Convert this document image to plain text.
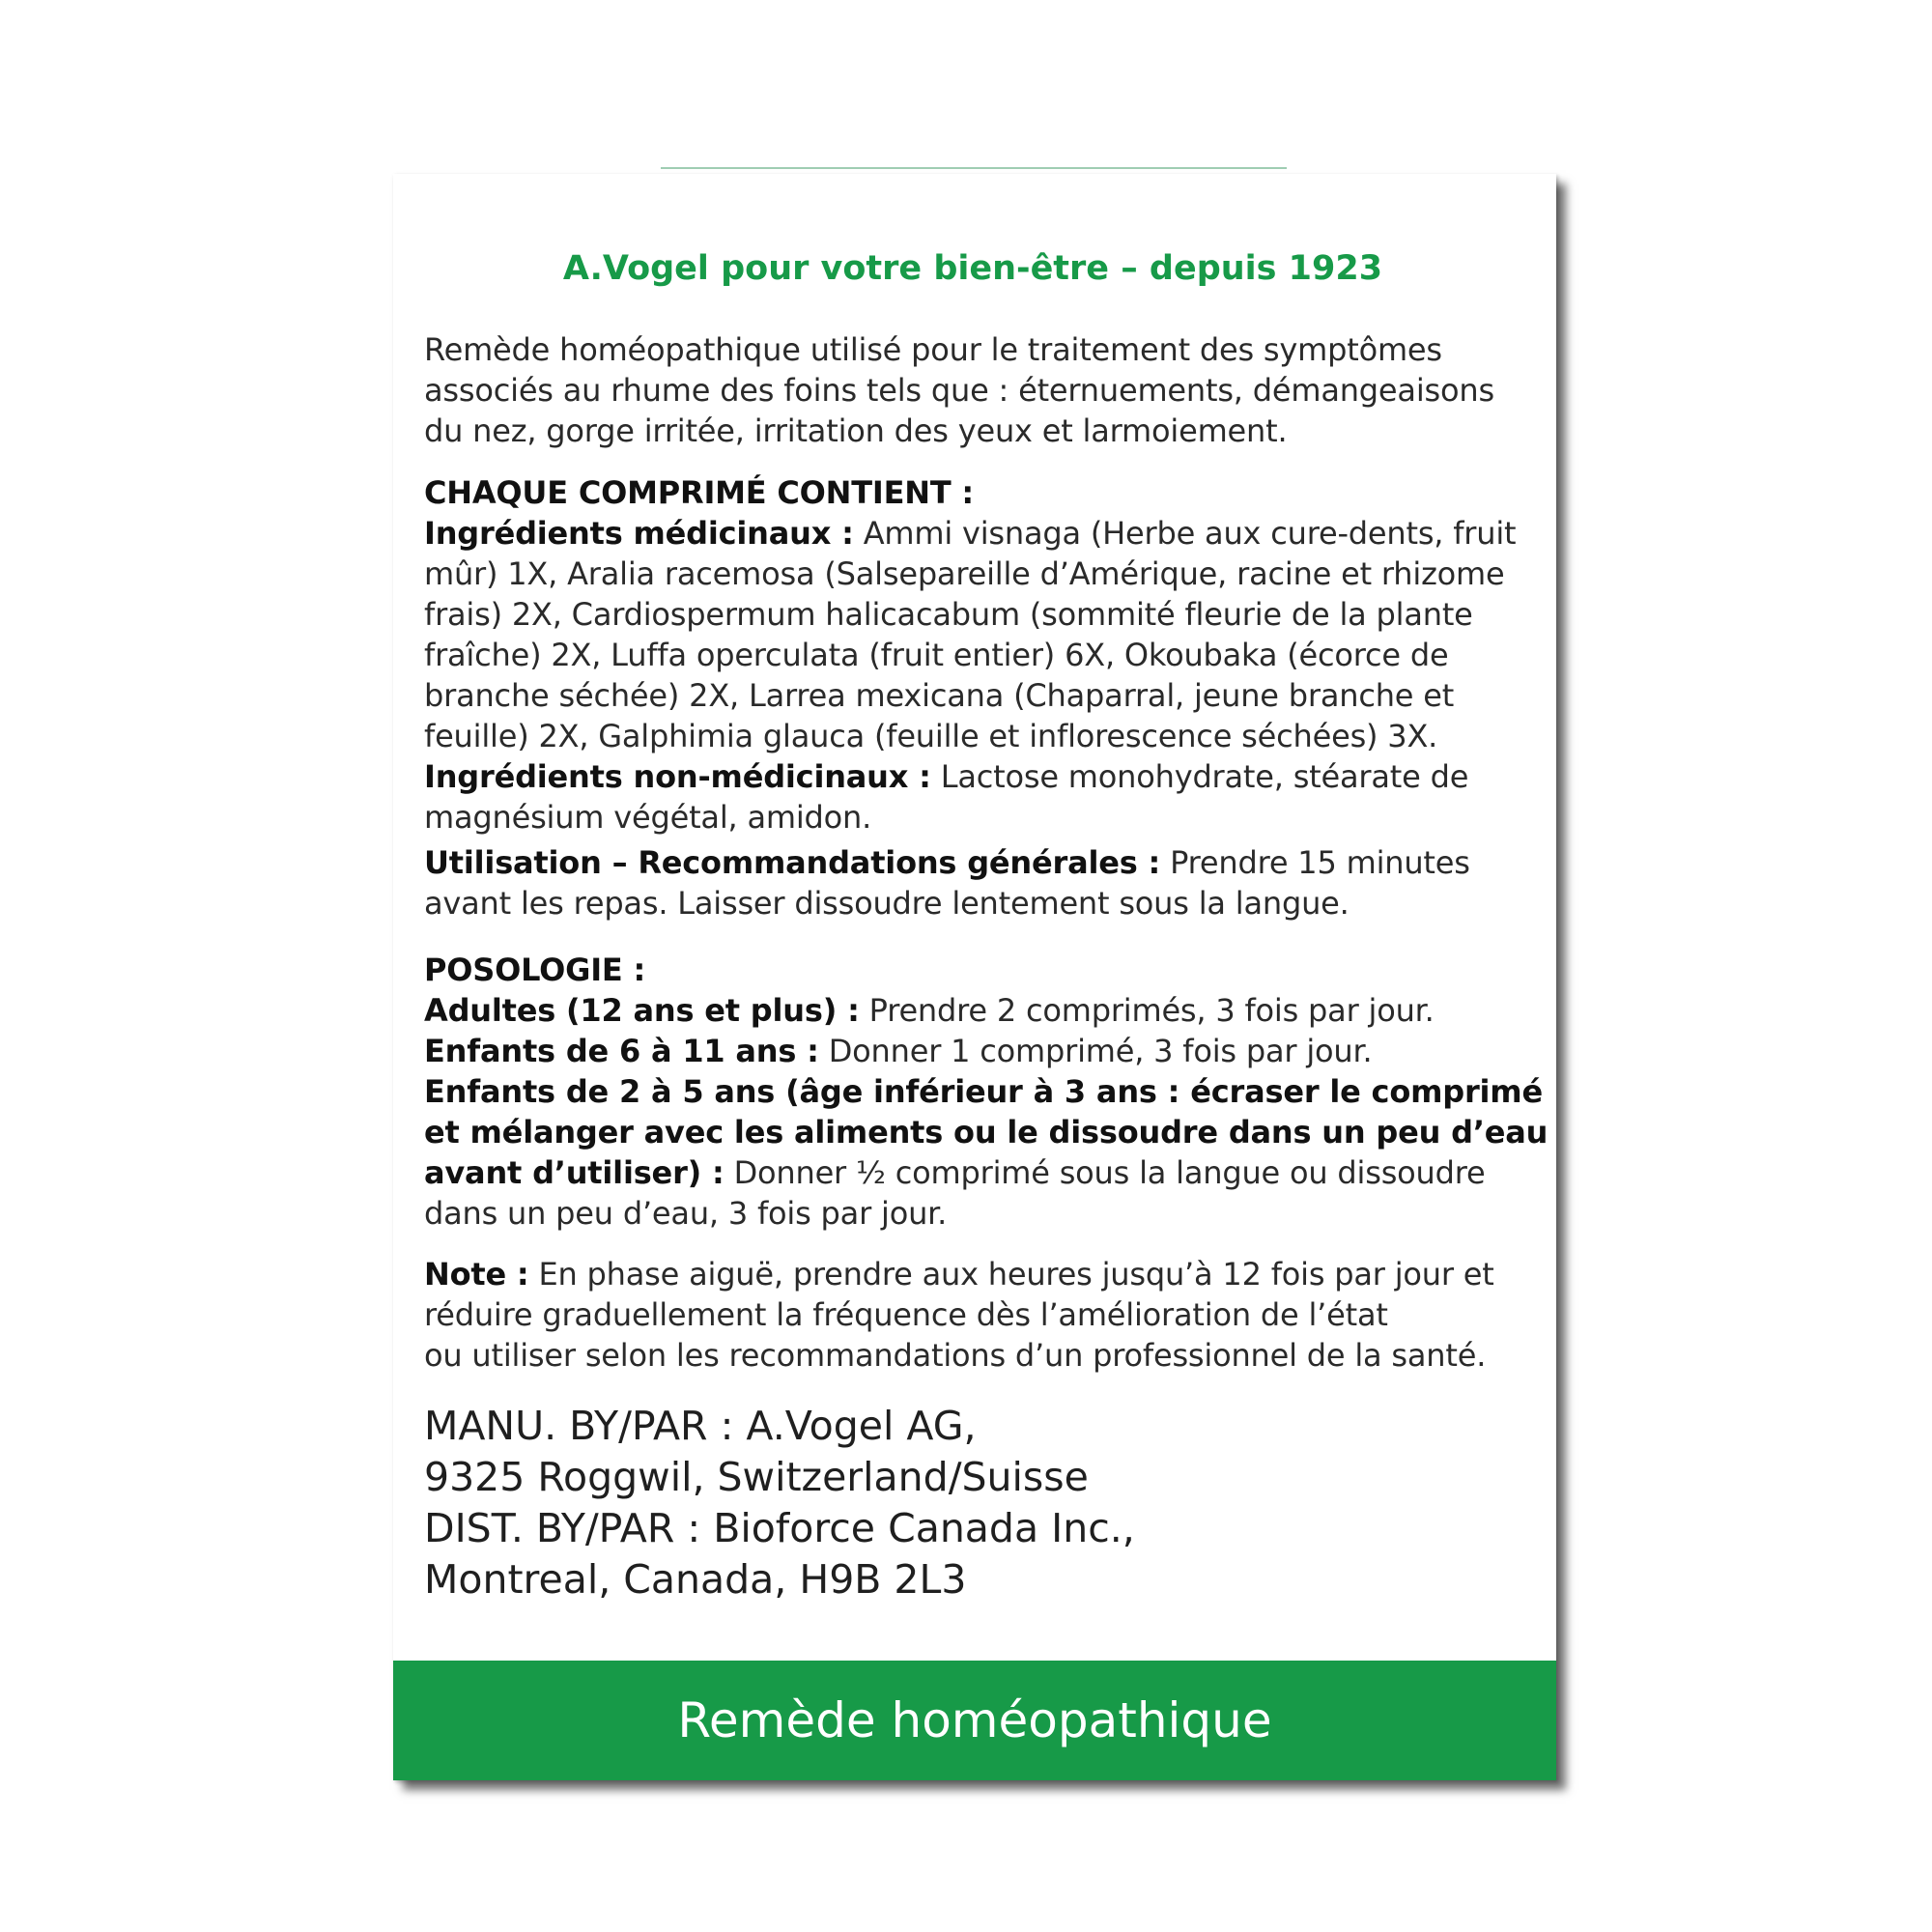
A.Vogel pour votre bien-être – depuis 1923
Remède homéopathique utilisé pour le traitement des symptômes
associés au rhume des foins tels que : éternuements, démangeaisons
du nez, gorge irritée, irritation des yeux et larmoiement.
CHAQUE COMPRIMÉ CONTIENT :
Ingrédients médicinaux : Ammi visnaga (Herbe aux cure-dents, fruit
mûr) 1X, Aralia racemosa (Salsepareille d’Amérique, racine et rhizome
frais) 2X, Cardiospermum halicacabum (sommité fleurie de la plante
fraîche) 2X, Luffa operculata (fruit entier) 6X, Okoubaka (écorce de
branche séchée) 2X, Larrea mexicana (Chaparral, jeune branche et
feuille) 2X, Galphimia glauca (feuille et inflorescence séchées) 3X.
Ingrédients non-médicinaux : Lactose monohydrate, stéarate de
magnésium végétal, amidon.
Utilisation – Recommandations générales : Prendre 15 minutes
avant les repas. Laisser dissoudre lentement sous la langue.
POSOLOGIE :
Adultes (12 ans et plus) : Prendre 2 comprimés, 3 fois par jour.
Enfants de 6 à 11 ans : Donner 1 comprimé, 3 fois par jour.
Enfants de 2 à 5 ans (âge inférieur à 3 ans : écraser le comprimé
et mélanger avec les aliments ou le dissoudre dans un peu d’eau
avant d’utiliser) : Donner ½ comprimé sous la langue ou dissoudre
dans un peu d’eau, 3 fois par jour.
Note : En phase aiguë, prendre aux heures jusqu’à 12 fois par jour et
réduire graduellement la fréquence dès l’amélioration de l’état
ou utiliser selon les recommandations d’un professionnel de la santé.
MANU. BY/PAR : A.Vogel AG,
9325 Roggwil, Switzerland/Suisse
DIST. BY/PAR : Bioforce Canada Inc.,
Montreal, Canada, H9B 2L3
Remède homéopathique
